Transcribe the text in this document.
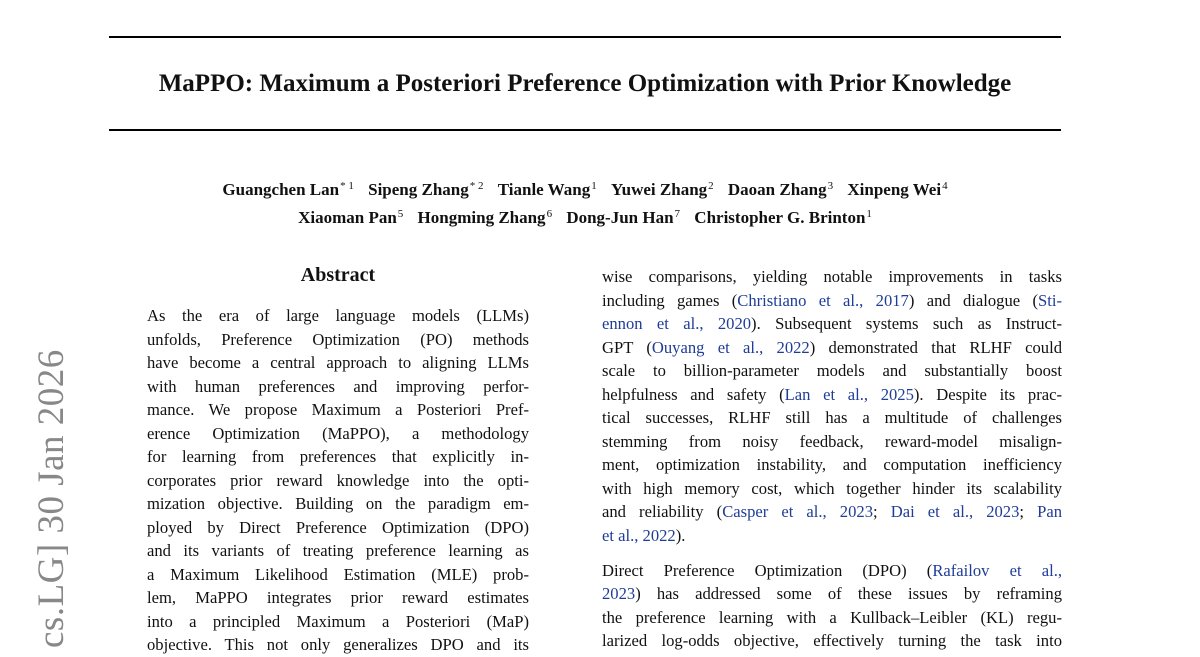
MaPPO: Maximum a Posteriori Preference Optimization with Prior Knowledge
Guangchen Lan$^{* 1}$ Sipeng Zhang$^{* 2}$ Tianle Wang$^1$ Yuwei Zhang$^2$ Daoan Zhang$^3$ Xinpeng Wei$^4$
Xiaoman Pan$^5$ Hongming Zhang$^6$ Dong-Jun Han$^7$ Christopher G. Brinton$^1$
cs.LG] 30 Jan 2026
Abstract
As the era of large language models (LLMs)
unfolds, Preference Optimization (PO) methods
have become a central approach to aligning LLMs
with human preferences and improving perfor-
mance. We propose Maximum a Posteriori Pref-
erence Optimization (MaPPO), a methodology
for learning from preferences that explicitly in-
corporates prior reward knowledge into the opti-
mization objective. Building on the paradigm em-
ployed by Direct Preference Optimization (DPO)
and its variants of treating preference learning as
a Maximum Likelihood Estimation (MLE) prob-
lem, MaPPO integrates prior reward estimates
into a principled Maximum a Posteriori (MaP)
objective. This not only generalizes DPO and its
wise comparisons, yielding notable improvements in tasks
including games (Christiano et al., 2017) and dialogue (Sti-
ennon et al., 2020). Subsequent systems such as Instruct-
GPT (Ouyang et al., 2022) demonstrated that RLHF could
scale to billion-parameter models and substantially boost
helpfulness and safety (Lan et al., 2025). Despite its prac-
tical successes, RLHF still has a multitude of challenges
stemming from noisy feedback, reward-model misalign-
ment, optimization instability, and computation inefficiency
with high memory cost, which together hinder its scalability
and reliability (Casper et al., 2023; Dai et al., 2023; Pan
et al., 2022).
Direct Preference Optimization (DPO) (Rafailov et al.,
2023) has addressed some of these issues by reframing
the preference learning with a Kullback–Leibler (KL) regu-
larized log-odds objective, effectively turning the task into
